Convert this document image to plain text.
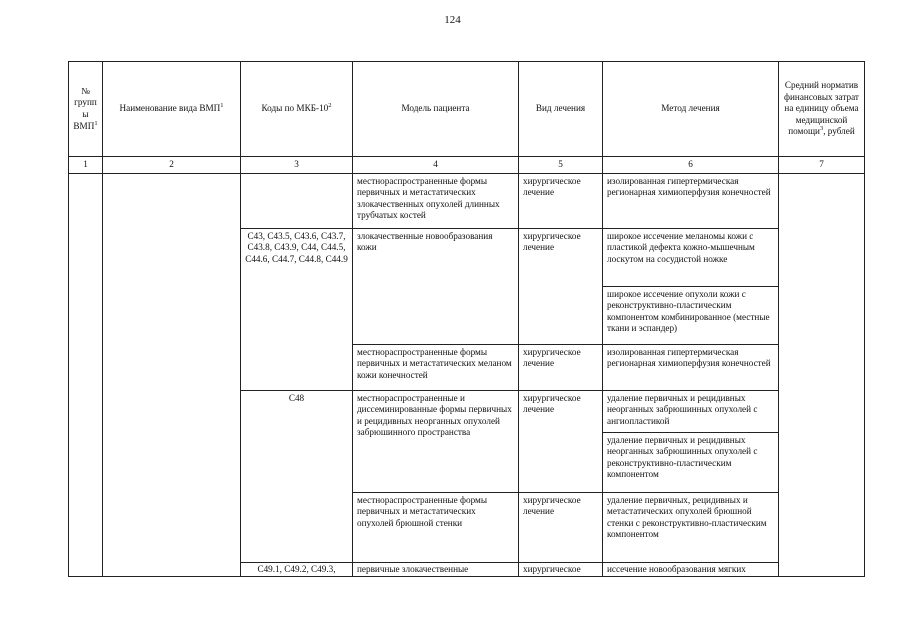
124
№ групп ы ВМП$^1$	Наименование вида ВМП$^1$	Коды по МКБ-$10^2$	Модель пациента	Вид лечения	Метод лечения	Средний норматив финансовых затрат на единицу объема медицинской помощи$^3$, рублей
1	2	3	4	5	6	7
			местнораспространенные формы первичных и метастатических злокачественных опухолей длинных трубчатых костей	хирургическое лечение	изолированная гипертермическая регионарная химиоперфузия конечностей	
		C43, C43.5, C43.6, C43.7, C43.8, C43.9, C44, C44.5, C44.6, C44.7, C44.8, C44.9	злокачественные новообразования кожи	хирургическое лечение	широкое иссечение меланомы кожи с пластикой дефекта кожно-мышечным лоскутом на сосудистой ножке	
					широкое иссечение опухоли кожи с реконструктивно-пластическим компонентом комбинированное (местные ткани и эспандер)	
			местнораспространенные формы первичных и метастатических меланом кожи конечностей	хирургическое лечение	изолированная гипертермическая регионарная химиоперфузия конечностей	
		C48	местнораспространенные и диссеминированные формы первичных и рецидивных неорганных опухолей забрюшинного пространства	хирургическое лечение	удаление первичных и рецидивных неорганных забрюшинных опухолей с ангиопластикой	
					удаление первичных и рецидивных неорганных забрюшинных опухолей с реконструктивно-пластическим компонентом	
			местнораспространенные формы первичных и метастатических опухолей брюшной стенки	хирургическое лечение	удаление первичных, рецидивных и метастатических опухолей брюшной стенки с реконструктивно-пластическим компонентом	
		C49.1, C49.2, C49.3,	первичные злокачественные	хирургическое	иссечение новообразования мягких	
